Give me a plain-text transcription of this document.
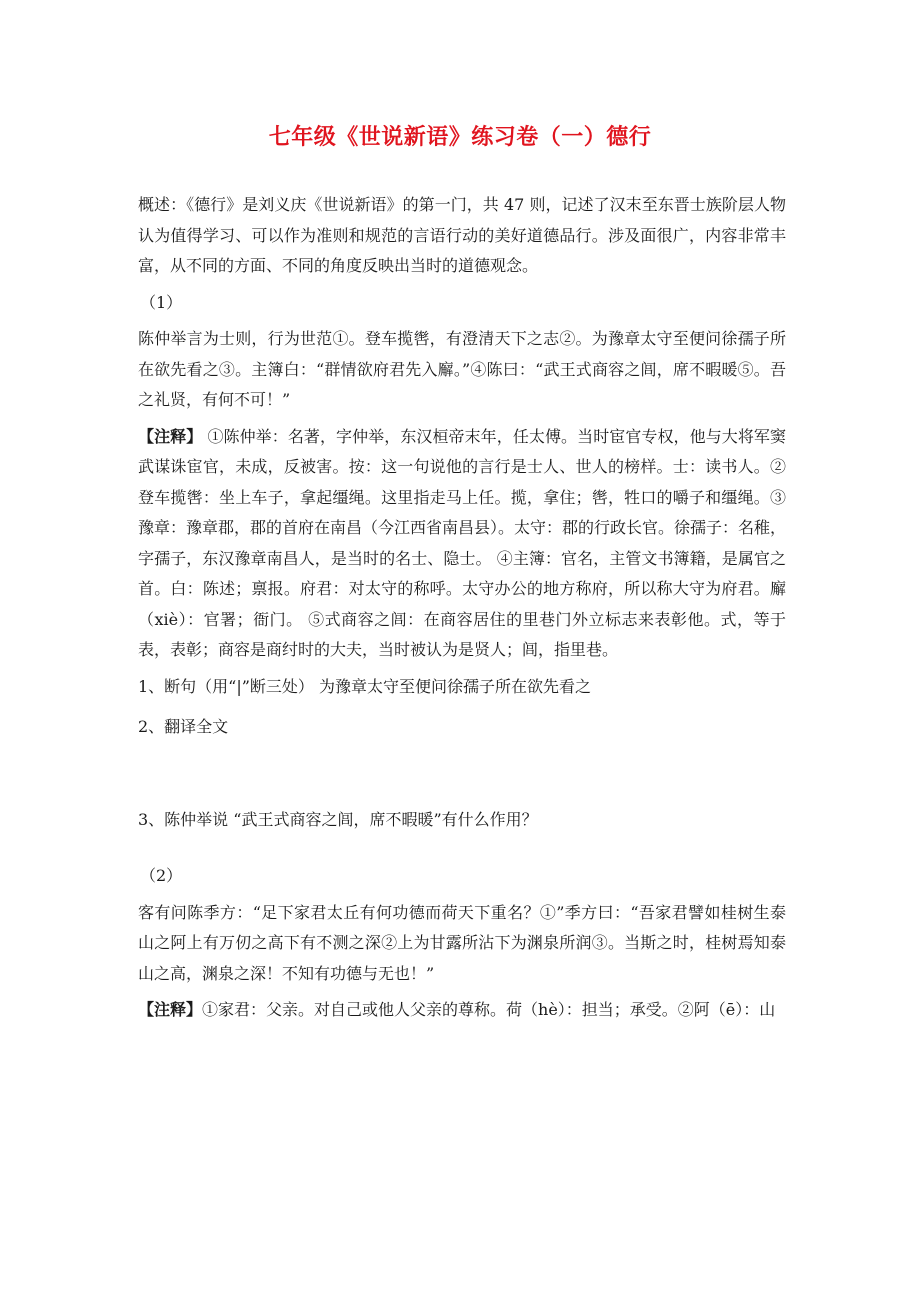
七年级《世说新语》练习卷（一）德行

概述：《德行》是刘义庆《世说新语》的第一门，共 47 则，记述了汉末至东晋士族阶层人物认为值得学习、可以作为准则和规范的言语行动的美好道德品行。涉及面很广，内容非常丰富，从不同的方面、不同的角度反映出当时的道德观念。

（1）

陈仲举言为士则，行为世范①。登车揽辔，有澄清天下之志②。为豫章太守至便问徐孺子所在欲先看之③。主簿白：“群情欲府君先入廨。”④陈曰：“武王式商容之闾，席不暇暖⑤。吾之礼贤，有何不可！”

【注释】 ①陈仲举：名著，字仲举，东汉桓帝末年，任太傅。当时宦官专权，他与大将军窦武谋诛宦官，未成，反被害。按：这一句说他的言行是士人、世人的榜样。士：读书人。②登车揽辔：坐上车子，拿起缰绳。这里指走马上任。揽，拿住；辔，牲口的嚼子和缰绳。③豫章：豫章郡，郡的首府在南昌（今江西省南昌县）。太守：郡的行政长官。徐孺子：名稚，字孺子，东汉豫章南昌人，是当时的名士、隐士。 ④主簿：官名，主管文书簿籍，是属官之首。白：陈述；禀报。府君：对太守的称呼。太守办公的地方称府，所以称大守为府君。廨（xiè）：官署；衙门。 ⑤式商容之闾：在商容居住的里巷门外立标志来表彰他。式，等于表，表彰；商容是商纣时的大夫，当时被认为是贤人；闾，指里巷。

1、断句（用“|”断三处） 为豫章太守至便问徐孺子所在欲先看之

2、翻译全文

3、陈仲举说 “武王式商容之闾，席不暇暖”有什么作用？

（2）

客有问陈季方：“足下家君太丘有何功德而荷天下重名？①”季方曰：“吾家君譬如桂树生泰山之阿上有万仞之高下有不测之深②上为甘露所沾下为渊泉所润③。当斯之时，桂树焉知泰山之高，渊泉之深！不知有功德与无也！”

【注释】①家君：父亲。对自己或他人父亲的尊称。荷（hè）：担当；承受。②阿（ē）：山
